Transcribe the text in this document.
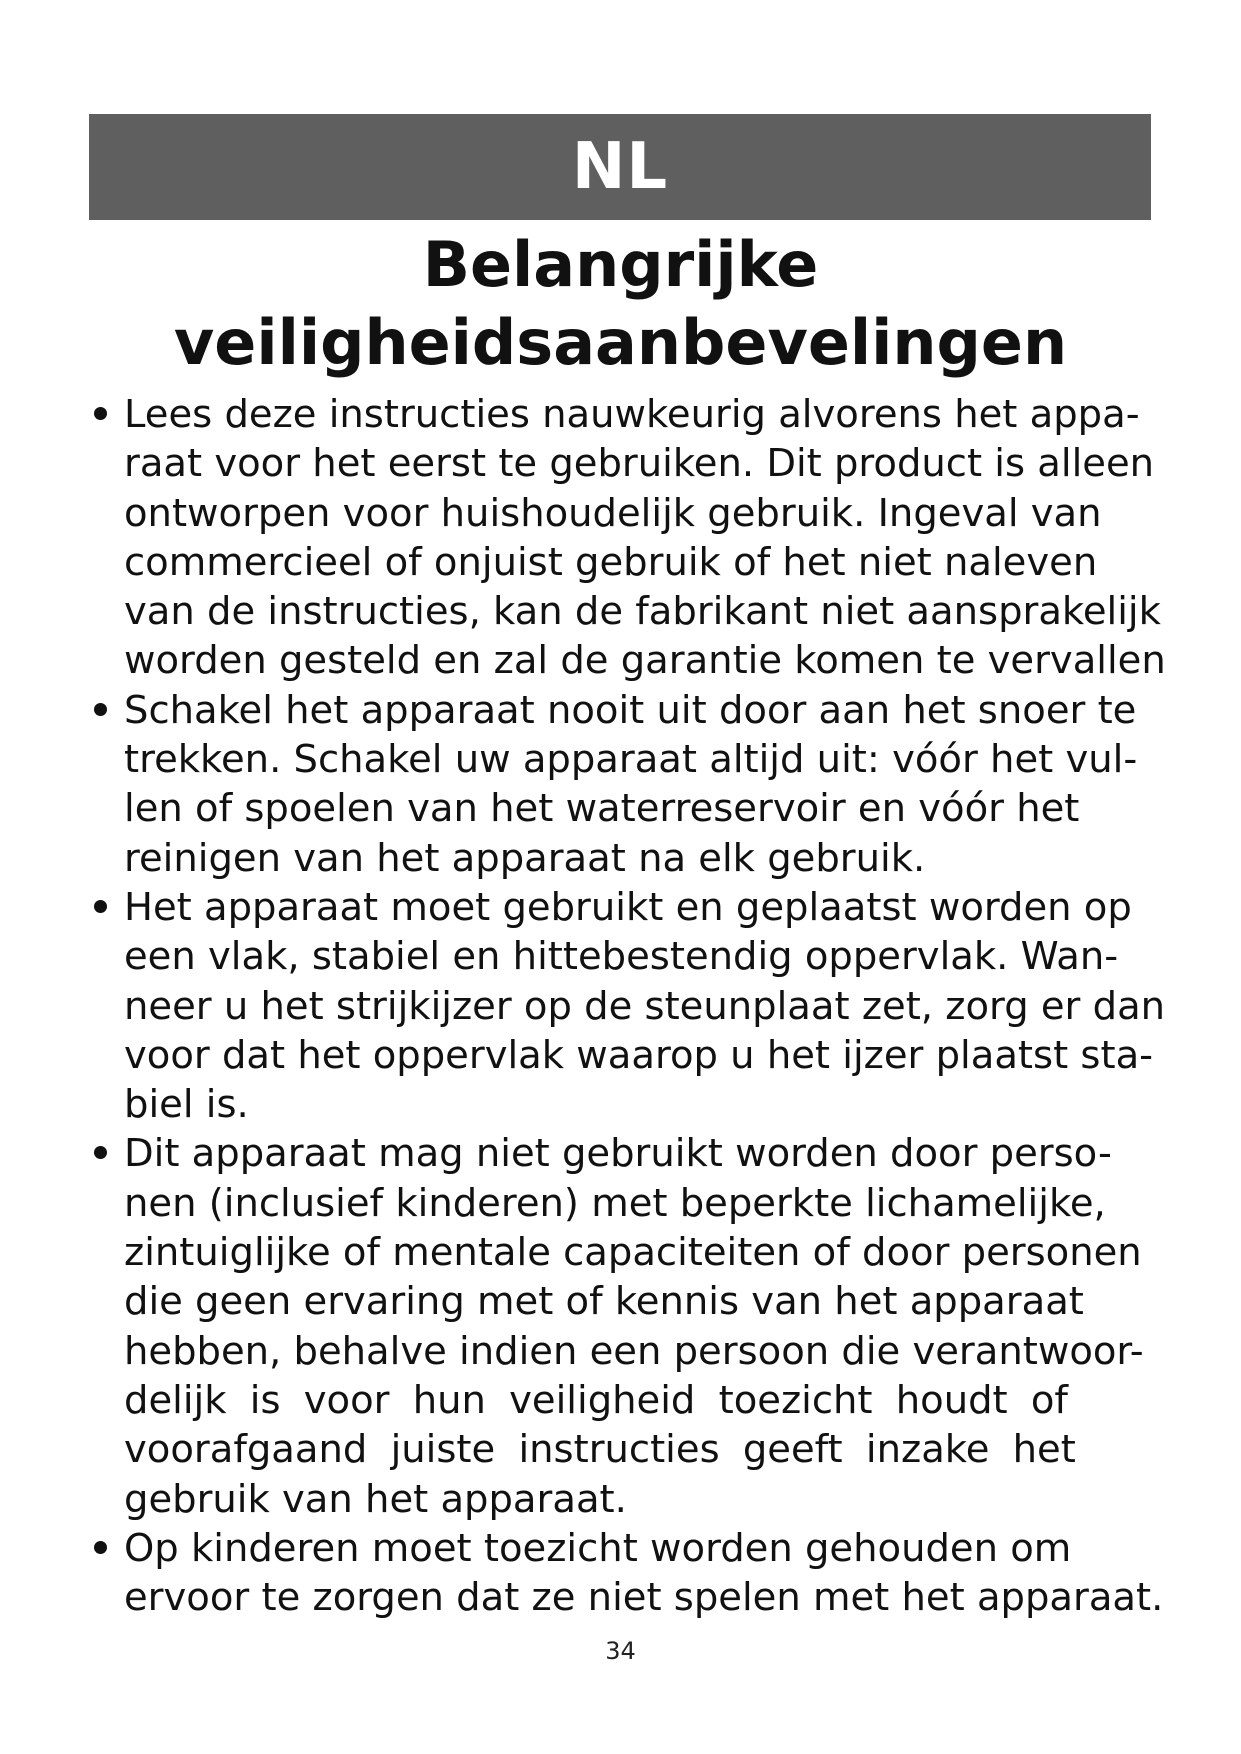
NL
Belangrijke
veiligheidsaanbevelingen
Lees deze instructies nauwkeurig alvorens het appa-
raat voor het eerst te gebruiken. Dit product is alleen
ontworpen voor huishoudelijk gebruik. Ingeval van
commercieel of onjuist gebruik of het niet naleven
van de instructies, kan de fabrikant niet aansprakelijk
worden gesteld en zal de garantie komen te vervallen
Schakel het apparaat nooit uit door aan het snoer te
trekken. Schakel uw apparaat altijd uit: vóór het vul-
len of spoelen van het waterreservoir en vóór het
reinigen van het apparaat na elk gebruik.
Het apparaat moet gebruikt en geplaatst worden op
een vlak, stabiel en hittebestendig oppervlak. Wan-
neer u het strijkijzer op de steunplaat zet, zorg er dan
voor dat het oppervlak waarop u het ijzer plaatst sta-
biel is.
Dit apparaat mag niet gebruikt worden door perso-
nen (inclusief kinderen) met beperkte lichamelijke,
zintuiglijke of mentale capaciteiten of door personen
die geen ervaring met of kennis van het apparaat
hebben, behalve indien een persoon die verantwoor-
delijk is voor hun veiligheid toezicht houdt of
voorafgaand juiste instructies geeft inzake het
gebruik van het apparaat.
Op kinderen moet toezicht worden gehouden om
ervoor te zorgen dat ze niet spelen met het apparaat.
34
